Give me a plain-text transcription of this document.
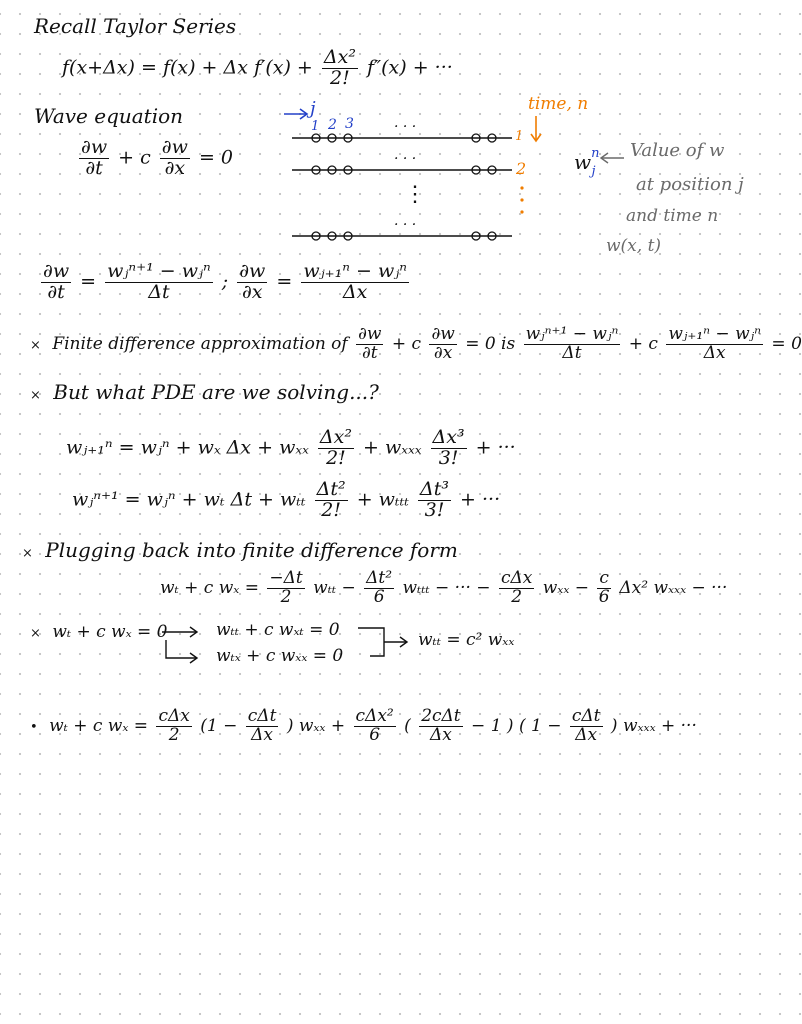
Recall Taylor Series
f(x+Δx) = f(x) + Δx $f'(x) + \frac{\text{Δx²}}{2!} f''(x)$ + ···
Wave equation
$\frac{\partial w}{\partial t} + c \frac{\partial w}{\partial x} = 0$
j
1 2 3	· · ·
· · ·
· · ·
⋮
time, n
1
2 $w^n_j$
Value of w
at position j
and time n
w(x, t)
$\frac{\partial w}{\partial t}$ = wⱼⁿ⁺¹ − wⱼⁿ
Δt	; $\frac{\partial w}{\partial x}$ = wⱼ₊₁ⁿ − wⱼⁿ
Δx
× Finite difference approximation of $\frac{\partial w}{\partial t} + c \frac{\partial w}{\partial x} = 0$ is wⱼⁿ⁺¹ − wⱼⁿ
Δt	+ c wⱼ₊₁ⁿ − wⱼⁿ
Δx	= 0
× But what PDE are we solving...?
wⱼ₊₁ⁿ = wⱼⁿ + wₓ Δx + wₓₓ $\frac{\text{Δx²}}{2!} + w_{xxx} \frac{\text{Δx³}}{3!}$ + ···
wⱼⁿ⁺¹ = wⱼⁿ + wₜ Δt + wₜₜ $\frac{\text{Δt²}}{2!} + w_{ttt} \frac{\text{Δt³}}{3!}$ + ···
× Plugging back into finite difference form
wₜ + c $w_x = \frac{-\Delta t}{2}$ $w_{tt} - \frac{\text{Δt²}}{6}$ wₜₜₜ − ··· − cΔx
2	$w_{xx} - \frac{c}{6} \Delta x^2$ wₓₓₓ − ···
× wₜ + c wₓ = 0	wₜₜ + c wₓₜ = 0
wₜₓ + c wₓₓ = 0
wₜₜ = c² wₓₓ
• wₜ + c wₓ = cΔx
2	(1 − cΔt
Δx ) wₓₓ + cΔx²
6	( 2cΔt
Δx	− 1 ) ( 1 − cΔt
Δx ) wₓₓₓ + ···
